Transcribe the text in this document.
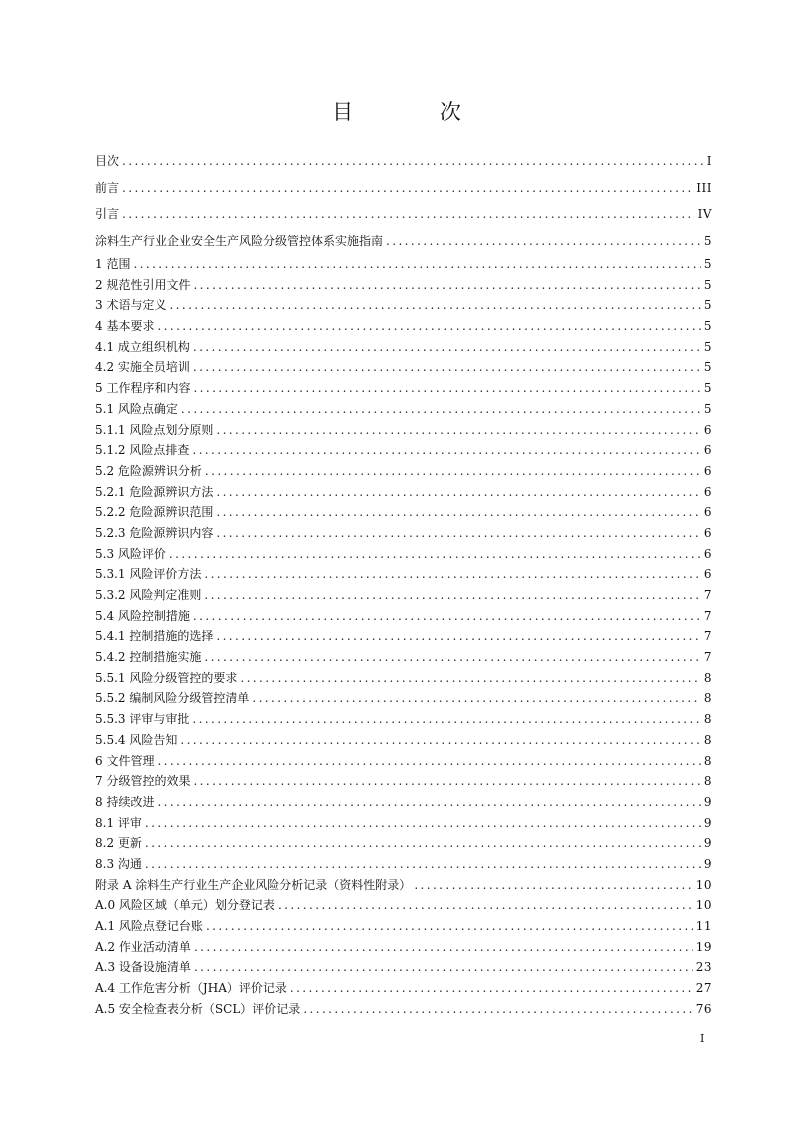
目 次
目次 .....	I
前言 .....	III
引言 .....	IV
涂料生产行业企业安全生产风险分级管控体系实施指南 .....	5
1 范围 .....	5
2 规范性引用文件 .....	5
3 术语与定义 .....	5
4 基本要求 .....	5
4.1 成立组织机构 .....	5
4.2 实施全员培训 .....	5
5 工作程序和内容 .....	5
5.1 风险点确定 .....	5
5.1.1 风险点划分原则 .....	6
5.1.2 风险点排查 .....	6
5.2 危险源辨识分析 .....	6
5.2.1 危险源辨识方法 .....	6
5.2.2 危险源辨识范围 .....	6
5.2.3 危险源辨识内容 .....	6
5.3 风险评价 .....	6
5.3.1 风险评价方法 .....	6
5.3.2 风险判定准则 .....	7
5.4 风险控制措施 .....	7
5.4.1 控制措施的选择 .....	7
5.4.2 控制措施实施 .....	7
5.5.1 风险分级管控的要求 .....	8
5.5.2 编制风险分级管控清单 .....	8
5.5.3 评审与审批 .....	8
5.5.4 风险告知 .....	8
6 文件管理 .....	8
7 分级管控的效果 .....	8
8 持续改进 .....	9
8.1 评审 .....	9
8.2 更新 .....	9
8.3 沟通 .....	9
附录 A 涂料生产行业生产企业风险分析记录（资料性附录） .....	10
A.0 风险区域（单元）划分登记表 .....	10
A.1 风险点登记台账 .....	11
A.2 作业活动清单 .....	19
A.3 设备设施清单 .....	23
A.4 工作危害分析（JHA）评价记录 .....	27
A.5 安全检查表分析（SCL）评价记录 .....	76
I
